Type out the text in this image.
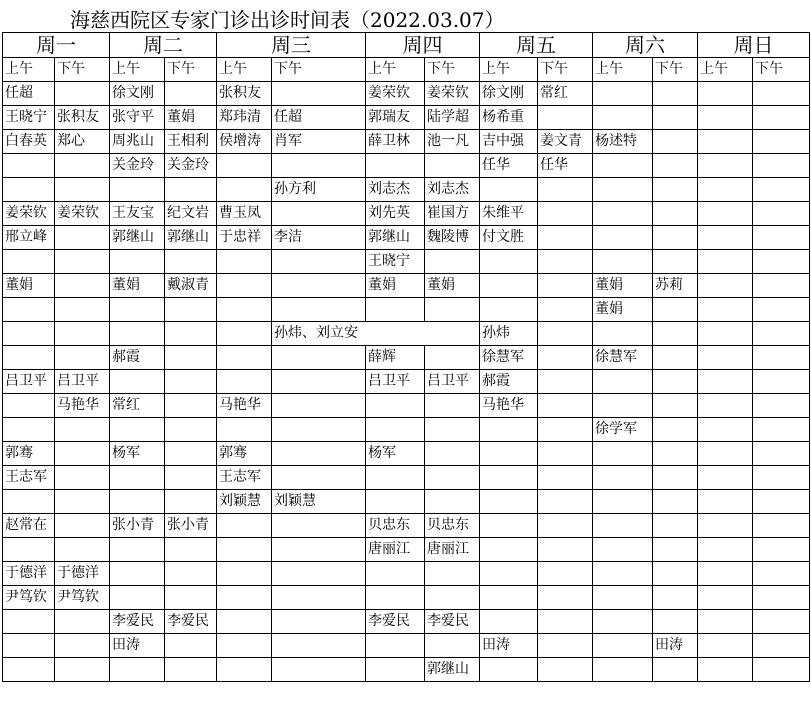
海慈西院区专家门诊出诊时间表（2022.03.07）
周一		周二		周三		周四		周五		周六		周日	
上午	下午	上午	下午	上午	下午	上午	下午	上午	下午	上午	下午	上午	下午
任超		徐文刚		张积友		姜荣钦	姜荣钦	徐文刚	常红				
王晓宁	张积友	张守平	董娟	郑玮清	任超	郭瑞友	陆学超	杨希重					
白春英	郑心	周兆山	王相利	侯增涛	肖军	薛卫林	池一凡	吉中强	姜文青	杨述特			
		关金玲	关金玲					任华	任华				
					孙方利	刘志杰	刘志杰						
姜荣钦	姜荣钦	王友宝	纪文岩	曹玉凤		刘先英	崔国方	朱维平					
邢立峰		郭继山	郭继山	于忠祥	李洁	郭继山	魏陵博	付文胜					
						王晓宁							
董娟		董娟	戴淑青			董娟	董娟			董娟	苏莉		
										董娟			
					孙炜、刘立安			孙炜					
		郝霞				薛辉		徐慧军		徐慧军			
吕卫平	吕卫平					吕卫平	吕卫平	郝霞					
	马艳华	常红		马艳华				马艳华					
										徐学军			
郭骞		杨军		郭骞		杨军							
王志军				王志军									
				刘颖慧	刘颖慧								
赵常在		张小青	张小青			贝忠东	贝忠东						
						唐丽江	唐丽江						
于德洋	于德洋												
尹笃钦	尹笃钦												
		李爱民	李爱民			李爱民	李爱民						
		田涛						田涛			田涛		
							郭继山						
